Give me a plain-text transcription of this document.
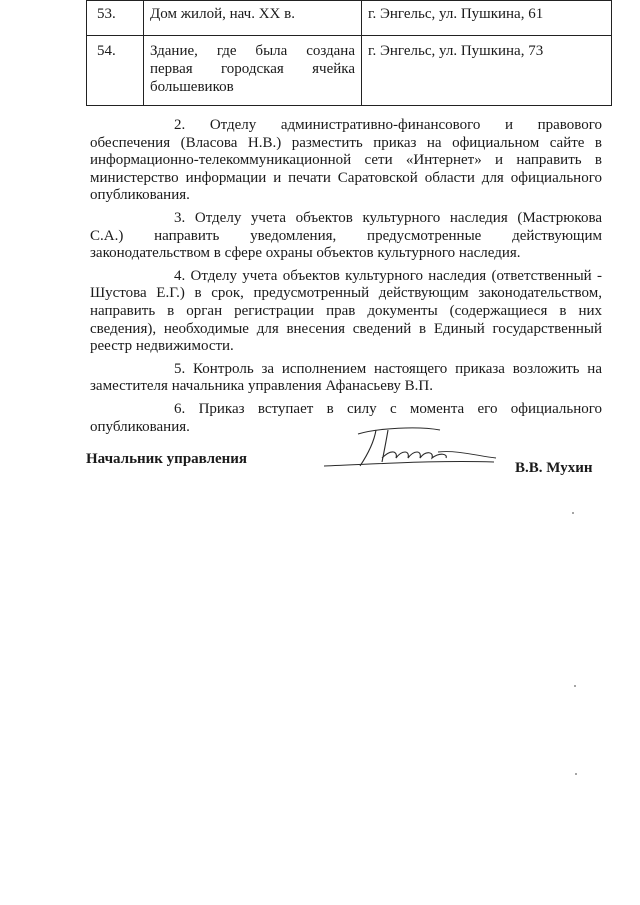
53.	Дом жилой, нач. XX в.	г. Энгельс, ул. Пушкина, 61
54.	Здание, где была создана первая городская ячейка большевиков	г. Энгельс, ул. Пушкина, 73

2. Отделу административно-финансового и правового обеспечения (Власова Н.В.) разместить приказ на официальном сайте в информационно-телекоммуникационной сети «Интернет» и направить в министерство информации и печати Саратовской области для официального опубликования.

3. Отделу учета объектов культурного наследия (Мастрюкова С.А.) направить уведомления, предусмотренные действующим законодательством в сфере охраны объектов культурного наследия.

4. Отделу учета объектов культурного наследия (ответственный - Шустова Е.Г.) в срок, предусмотренный действующим законодательством, направить в орган регистрации прав документы (содержащиеся в них сведения), необходимые для внесения сведений в Единый государственный реестр недвижимости.

5. Контроль за исполнением настоящего приказа возложить на заместителя начальника управления Афанасьеву В.П.

6. Приказ вступает в силу с момента его официального опубликования.

Начальник управления
В.В. Мухин
